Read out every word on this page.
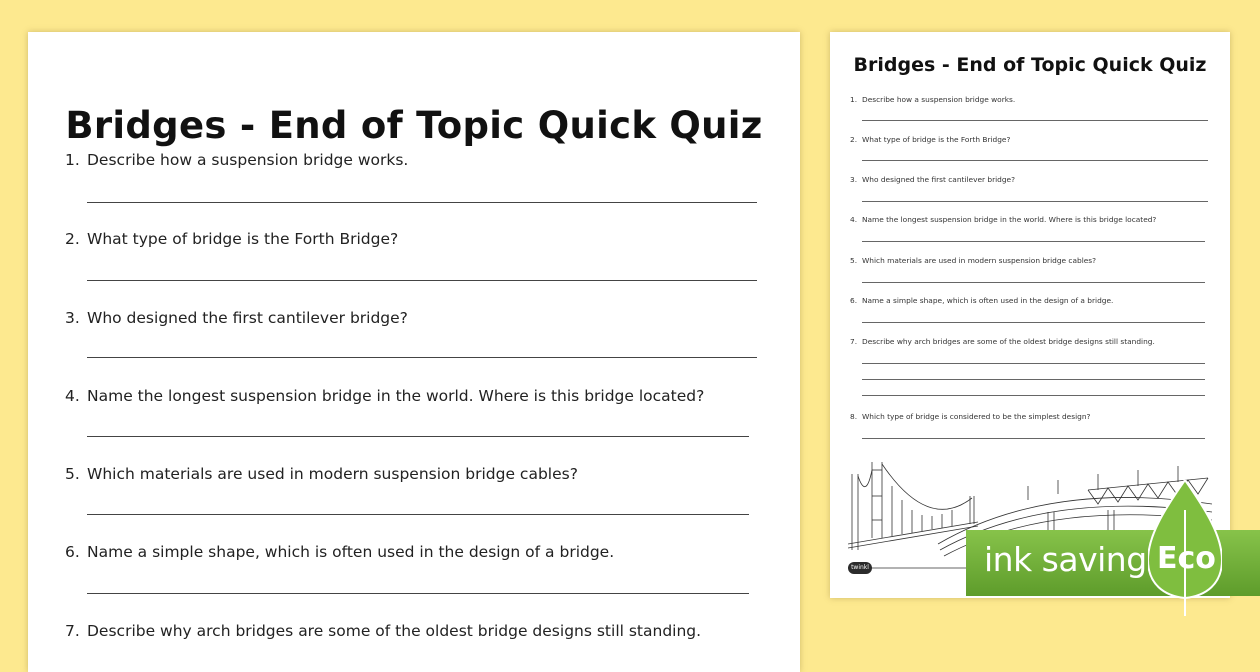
Bridges - End of Topic Quick Quiz
1. Describe how a suspension bridge works.
2. What type of bridge is the Forth Bridge?
3. Who designed the first cantilever bridge?
4. Name the longest suspension bridge in the world. Where is this bridge located?
5. Which materials are used in modern suspension bridge cables?
6. Name a simple shape, which is often used in the design of a bridge.
7. Describe why arch bridges are some of the oldest bridge designs still standing.
Bridges - End of Topic Quick Quiz
1. Describe how a suspension bridge works.
2. What type of bridge is the Forth Bridge?
3. Who designed the first cantilever bridge?
4. Name the longest suspension bridge in the world. Where is this bridge located?
5. Which materials are used in modern suspension bridge cables?
6. Name a simple shape, which is often used in the design of a bridge.
7. Describe why arch bridges are some of the oldest bridge designs still standing.
8. Which type of bridge is considered to be the simplest design?
twinkl	ink saving Eco
